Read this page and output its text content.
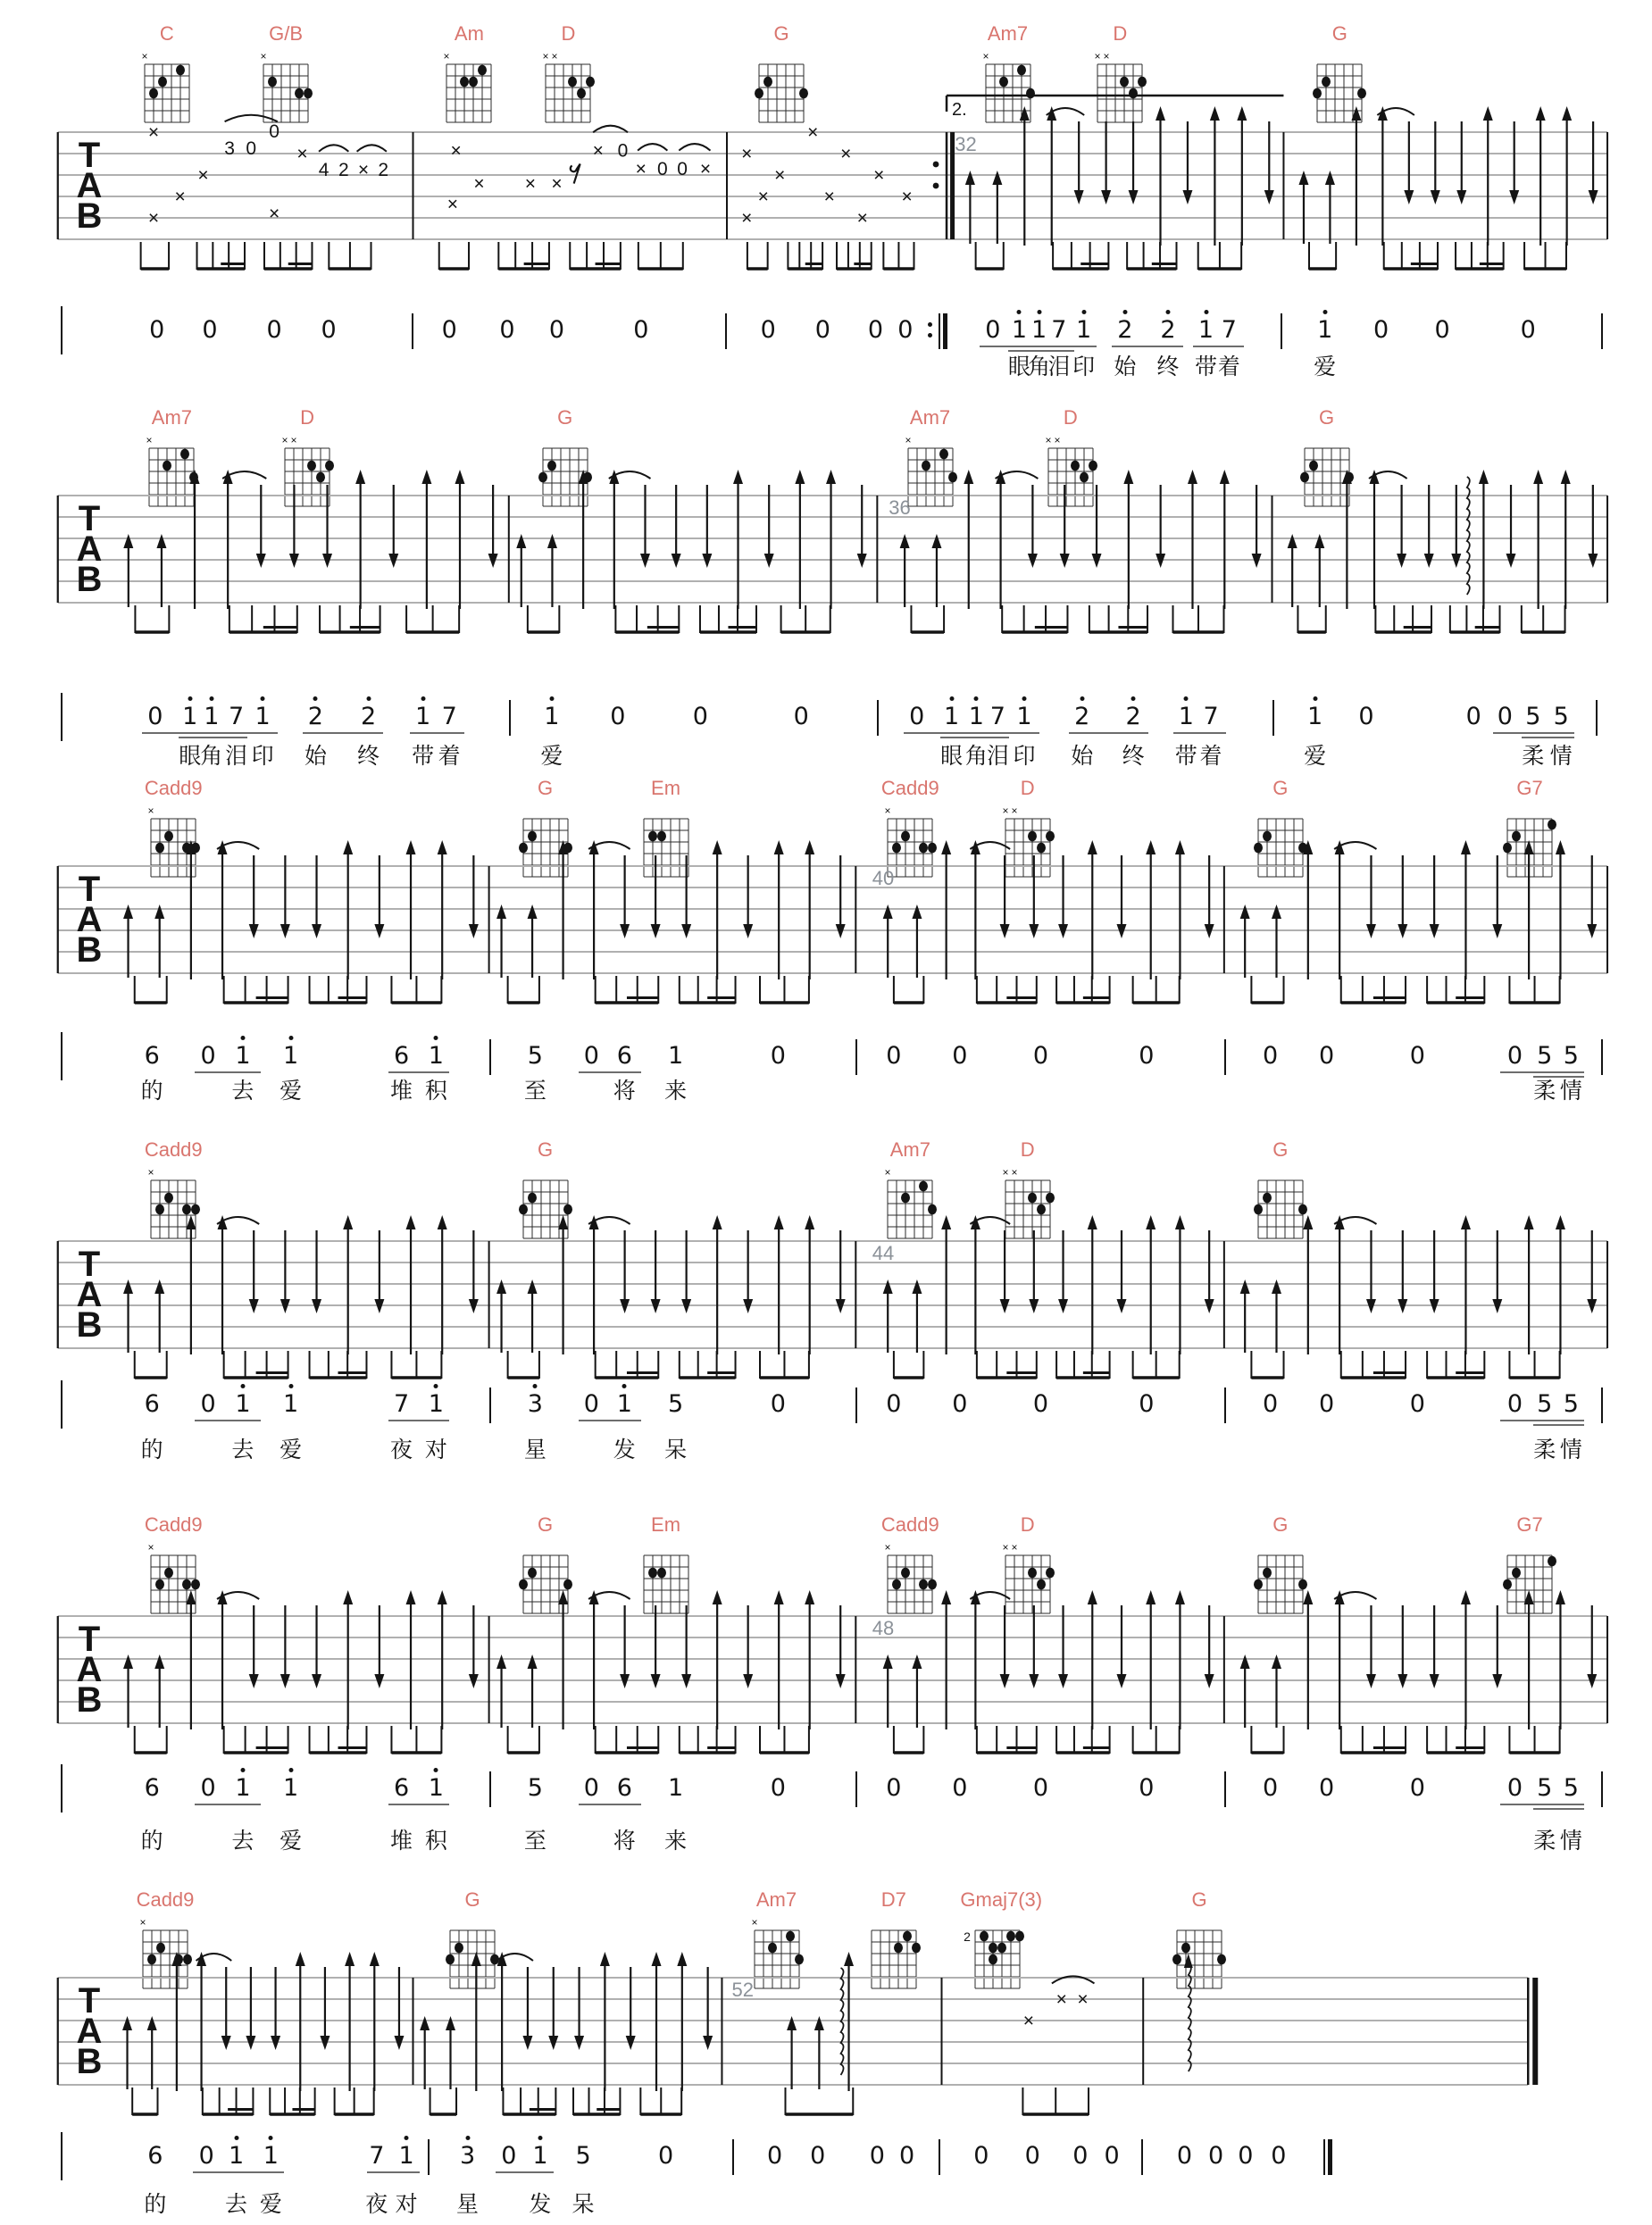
C
×
G/B
×
Am
×
D
× ×
G	Am7
×
D
× ×
G
T
A
B
32
2.
×
3 0
0
×
×
×
×
4 2 × 2
×
×
×
× × ×
× 0
× 0 0 ×
×
×
×
×
×
×
×
×
×
×
0 0 0 0	0 0 0	0	0 0 0 0	0 1
眼
1
角
7
泪
1
印
2
始
2
终
1
带
7
着
1
爱
0 0	0
Am7
×
D
× ×
G	Am7
×
D
× ×
G
T
A
B
36
0 1
眼
1
角
7
泪
1
印
2
始
2
终
1
带
7
着
1
爱
0	0	0	0 1
眼
1
角
7
泪
1
印
2
始
2
终
1
带
7
着
1
爱
0	0 0 5
柔
5
情
Cadd9
×
G	Em	Cadd9
×
D
× ×
G	G7
T
A
B
40
6
的
0 1
去
1
爱
6
堆
1
积
5
至
0 6
将
1
来
0	0 0	0	0	0 0	0	0 5
柔
5
情
Cadd9
×
G	Am7
×
D
× ×
G
T
A
B
44
6
的
0 1
去
1
爱
7
夜
1
对
3
星
0 1
发
5
呆
0	0 0	0	0	0 0	0	0 5
柔
5
情
Cadd9
×
G	Em	Cadd9
×
D
× ×
G	G7
T
A
B
48
6
的
0 1
去
1
爱
6
堆
1
积
5
至
0 6
将
1
来
0	0 0	0	0	0 0	0	0 5
柔
5
情
Cadd9
×
G	Am7
×
D7	Gmaj7(3)
2
G
T
A
B
52
×
× ×
6
的
0 1
去
1
爱
7
夜
1
对
3
星
0 1
发
5
呆
0	0 0 0 0 0 0 0 0 0 0 0 0
